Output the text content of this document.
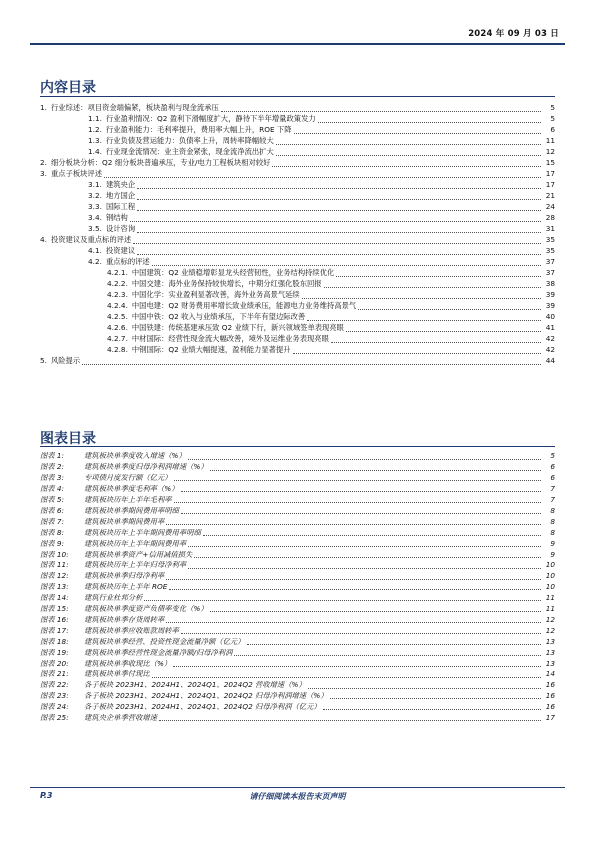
2024 年 09 月 03 日
内容目录
1. 行业综述：项目资金端偏紧，板块盈利与现金流承压	5
1.1. 行业盈利情况：Q2 盈利下滑幅度扩大，静待下半年增量政策发力	5
1.2. 行业盈利能力：毛利率提升，费用率大幅上升，ROE 下降	6
1.3. 行业负债及营运能力：负债率上升，周转率降幅较大	11
1.4. 行业现金流情况：业主资金紧张，现金流净流出扩大	12
2. 细分板块分析：Q2 细分板块普遍承压，专业/电力工程板块相对较好	15
3. 重点子板块评述	17
3.1. 建筑央企	17
3.2. 地方国企	21
3.3. 国际工程	24
3.4. 钢结构	28
3.5. 设计咨询	31
4. 投资建议及重点标的评述	35
4.1. 投资建议	35
4.2. 重点标的评述	37
4.2.1. 中国建筑：Q2 业绩稳增彰显龙头经营韧性，业务结构持续优化	37
4.2.2. 中国交建：海外业务保持较快增长，中期分红强化股东回报	38
4.2.3. 中国化学：实业盈利显著改善，海外业务高景气延续	39
4.2.4. 中国电建：Q2 财务费用率增长致业绩承压，能源电力业务维持高景气	39
4.2.5. 中国中铁：Q2 收入与业绩承压，下半年有望边际改善	40
4.2.6. 中国铁建：传统基建承压致 Q2 业绩下行，新兴领域签单表现亮眼	41
4.2.7. 中材国际：经营性现金流大幅改善，境外及运维业务表现亮眼	42
4.2.8. 中钢国际：Q2 业绩大幅提速，盈利能力显著提升	42
5. 风险提示	44
图表目录
图表 1:	建筑板块单季度收入增速（%）	5
图表 2:	建筑板块单季度归母净利润增速（%）	6
图表 3:	专项债月度发行额（亿元）	6
图表 4:	建筑板块单季度毛利率（%）	7
图表 5:	建筑板块历年上半年毛利率	7
图表 6:	建筑板块单季期间费用率明细	8
图表 7:	建筑板块单季期间费用率	8
图表 8:	建筑板块历年上半年期间费用率明细	8
图表 9:	建筑板块历年上半年期间费用率	9
图表 10:	建筑板块单季资产+信用减值损失	9
图表 11:	建筑板块历年上半年归母净利率	10
图表 12:	建筑板块单季归母净利率	10
图表 13:	建筑板块历年上半年 ROE	10
图表 14:	建筑行业杜邦分析	11
图表 15:	建筑板块单季度资产负债率变化（%）	11
图表 16:	建筑板块单季存货周转率	12
图表 17:	建筑板块单季应收账款周转率	12
图表 18:	建筑板块单季经营、投资性现金流量净额（亿元）	13
图表 19:	建筑板块单季经营性现金流量净额/归母净利润	13
图表 20:	建筑板块单季收现比（%）	13
图表 21:	建筑板块单季付现比	14
图表 22:	各子板块 2023H1、2024H1、2024Q1、2024Q2 营收增速（%）	16
图表 23:	各子板块 2023H1、2024H1、2024Q1、2024Q2 归母净利润增速（%）	16
图表 24:	各子板块 2023H1、2024H1、2024Q1、2024Q2 归母净利润（亿元）	16
图表 25:	建筑央企单季营收增速	17
P.3	请仔细阅读本报告末页声明
